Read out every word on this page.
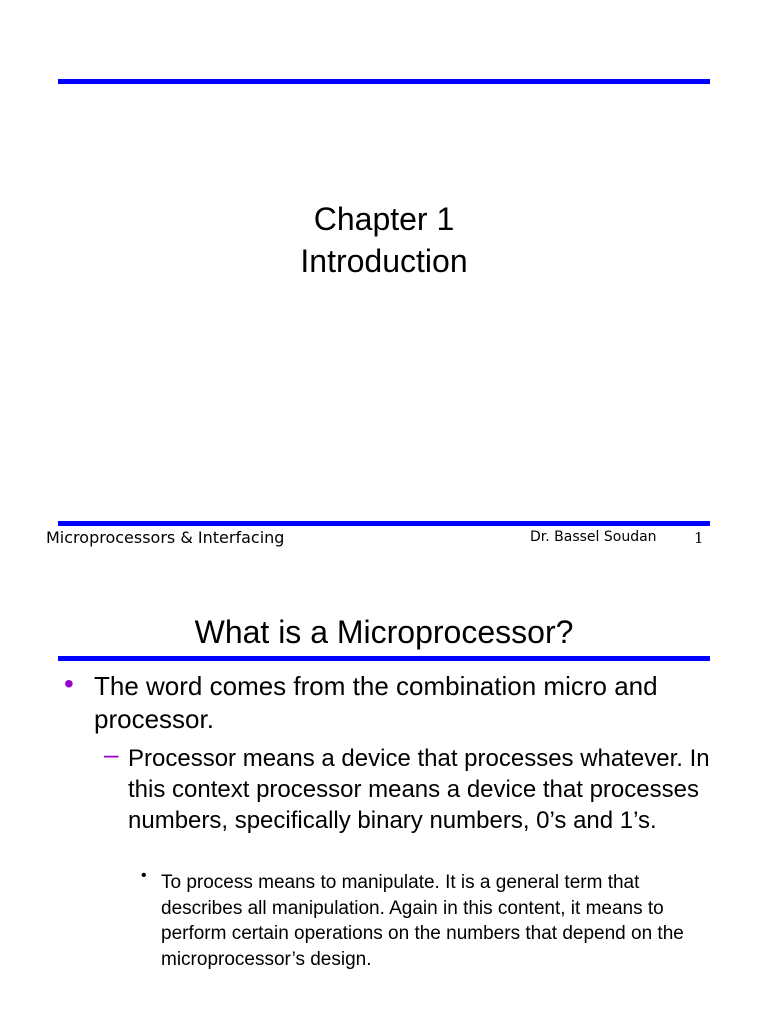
Chapter 1
Introduction
Microprocessors & Interfacing	Dr. Bassel Soudan 1
What is a Microprocessor?
• The word comes from the combination micro and processor.
– Processor means a device that processes whatever. In this context processor means a device that processes numbers, specifically binary numbers, 0’s and 1’s.
• To process means to manipulate. It is a general term that describes all manipulation. Again in this content, it means to perform certain operations on the numbers that depend on the microprocessor’s design.
